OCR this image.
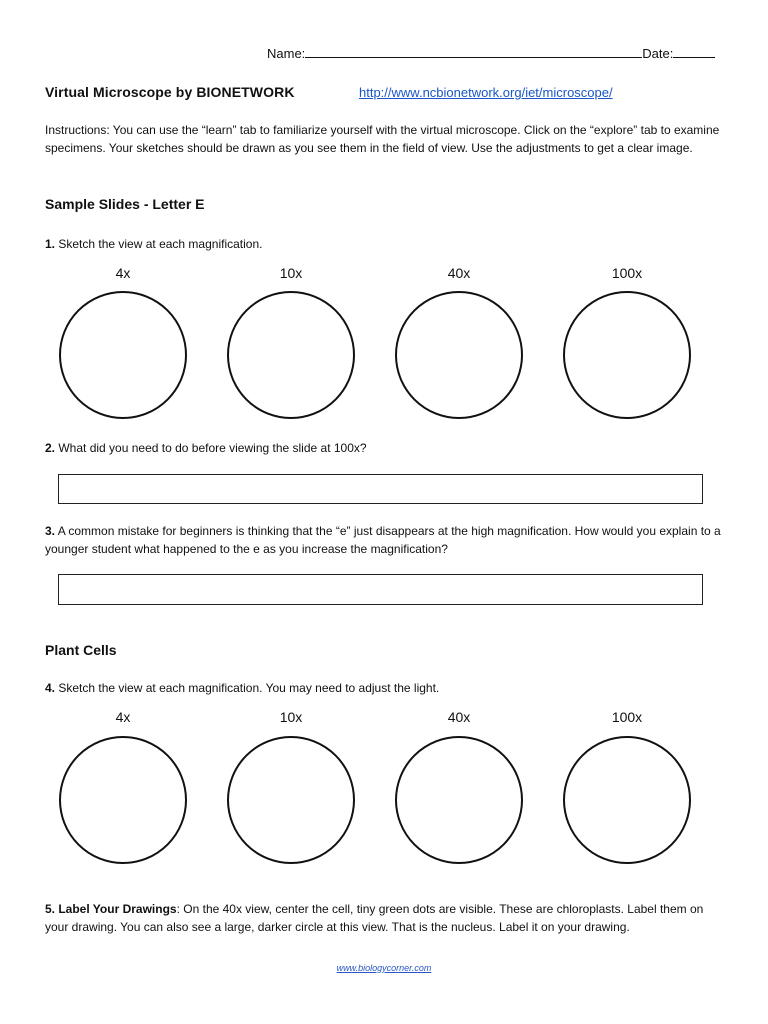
Name:	Date:
Virtual Microscope by BIONETWORK	http://www.ncbionetwork.org/iet/microscope/
Instructions: You can use the “learn” tab to familiarize yourself with the virtual microscope. Click on the “explore” tab to examine specimens. Your sketches should be drawn as you see them in the field of view. Use the adjustments to get a clear image.
Sample Slides - Letter E
1. Sketch the view at each magnification.
4x	10x	40x	100x
2. What did you need to do before viewing the slide at 100x?
3. A common mistake for beginners is thinking that the “e” just disappears at the high magnification. How would you explain to a younger student what happened to the e as you increase the magnification?
Plant Cells
4. Sketch the view at each magnification. You may need to adjust the light.
4x	10x	40x	100x
5. Label Your Drawings: On the 40x view, center the cell, tiny green dots are visible. These are chloroplasts. Label them on your drawing. You can also see a large, darker circle at this view. That is the nucleus. Label it on your drawing.
www.biologycorner.com
